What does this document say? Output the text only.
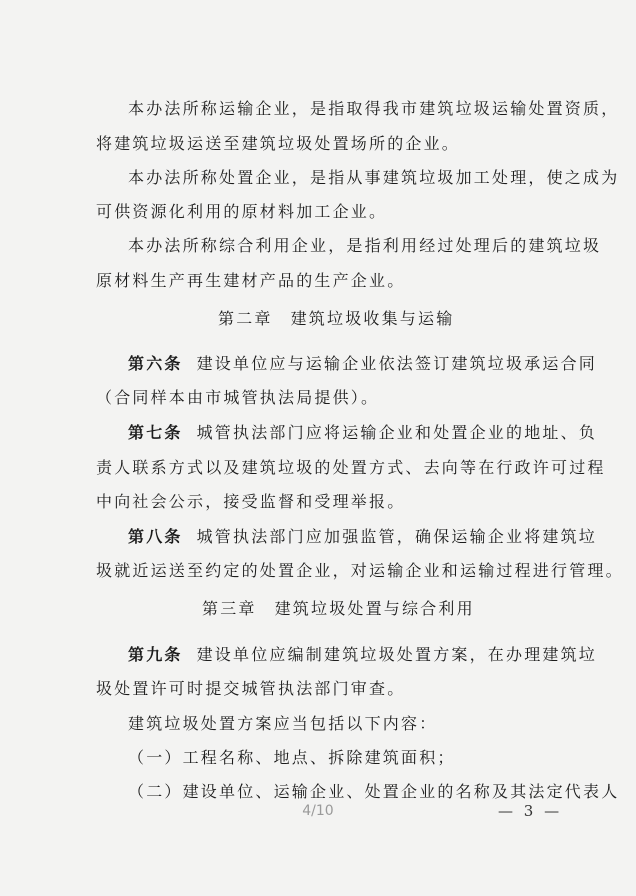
本办法所称运输企业，是指取得我市建筑垃圾运输处置资质，
将建筑垃圾运送至建筑垃圾处置场所的企业。
本办法所称处置企业，是指从事建筑垃圾加工处理，使之成为
可供资源化利用的原材料加工企业。
本办法所称综合利用企业，是指利用经过处理后的建筑垃圾
原材料生产再生建材产品的生产企业。
第二章 建筑垃圾收集与运输
第六条 建设单位应与运输企业依法签订建筑垃圾承运合同
（合同样本由市城管执法局提供）。
第七条 城管执法部门应将运输企业和处置企业的地址、负
责人联系方式以及建筑垃圾的处置方式、去向等在行政许可过程
中向社会公示，接受监督和受理举报。
第八条 城管执法部门应加强监管，确保运输企业将建筑垃
圾就近运送至约定的处置企业，对运输企业和运输过程进行管理。
第三章 建筑垃圾处置与综合利用
第九条 建设单位应编制建筑垃圾处置方案，在办理建筑垃
圾处置许可时提交城管执法部门审查。
建筑垃圾处置方案应当包括以下内容：
（一）工程名称、地点、拆除建筑面积；
（二）建设单位、运输企业、处置企业的名称及其法定代表人
4/10	— 3 —
